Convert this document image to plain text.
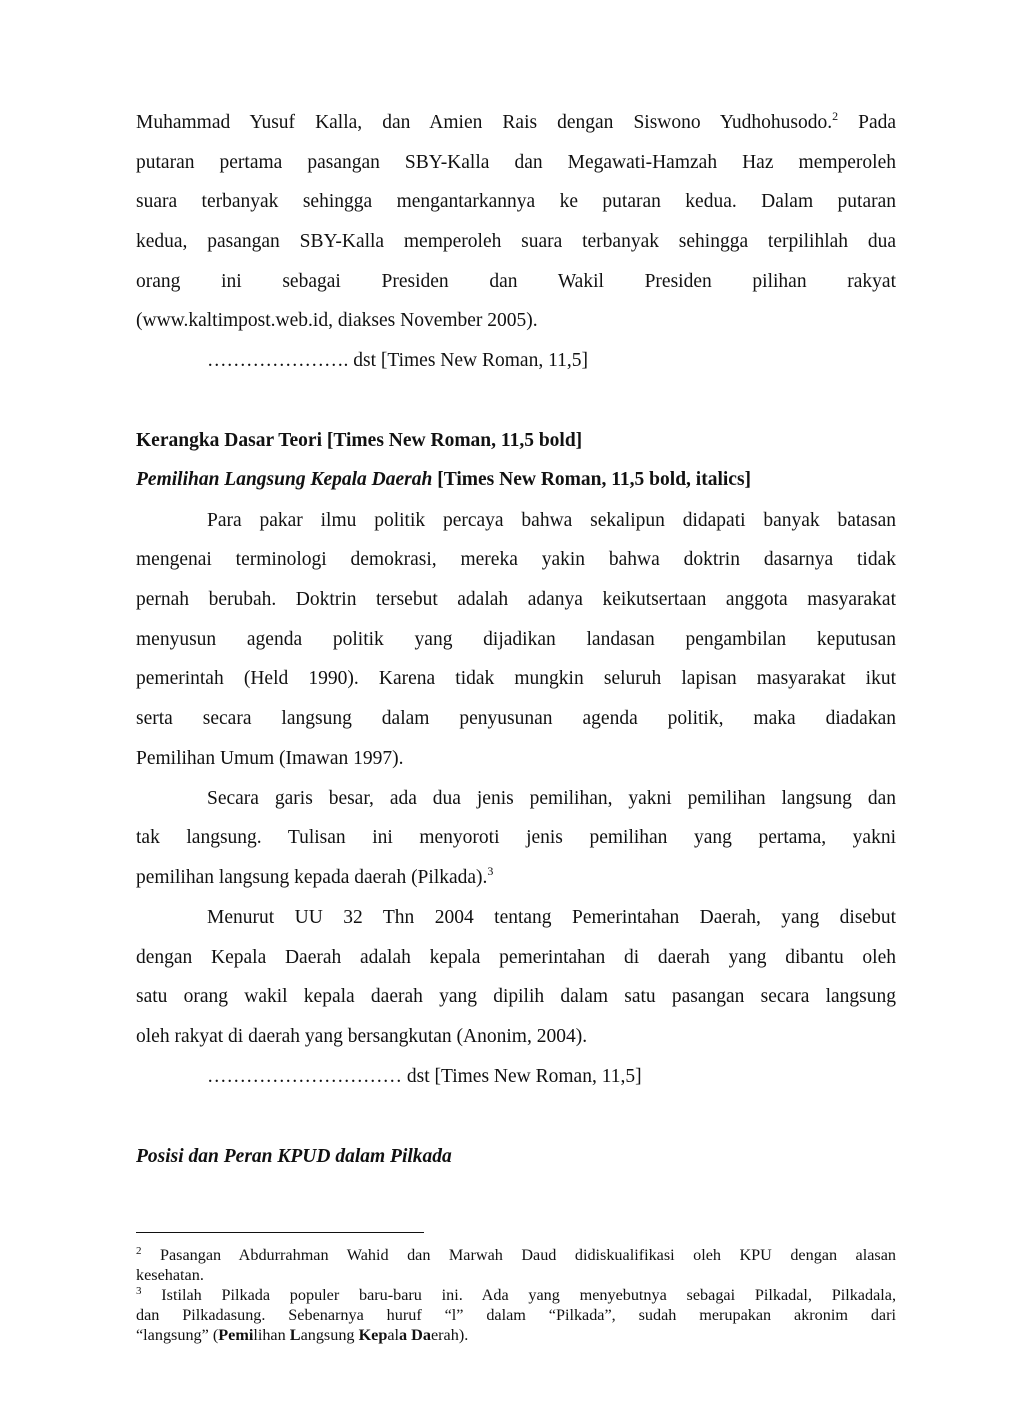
Muhammad Yusuf Kalla, dan Amien Rais dengan Siswono Yudhohusodo.$^2$ Pada
putaran pertama pasangan SBY-Kalla dan Megawati-Hamzah Haz memperoleh
suara terbanyak sehingga mengantarkannya ke putaran kedua. Dalam putaran
kedua, pasangan SBY-Kalla memperoleh suara terbanyak sehingga terpilihlah dua
orang ini sebagai Presiden dan Wakil Presiden pilihan rakyat
(www.kaltimpost.web.id, diakses November 2005).
…………………. dst [Times New Roman, 11,5]
Kerangka Dasar Teori [Times New Roman, 11,5 bold]
Pemilihan Langsung Kepala Daerah [Times New Roman, 11,5 bold, italics]
Para pakar ilmu politik percaya bahwa sekalipun didapati banyak batasan
mengenai terminologi demokrasi, mereka yakin bahwa doktrin dasarnya tidak
pernah berubah. Doktrin tersebut adalah adanya keikutsertaan anggota masyarakat
menyusun agenda politik yang dijadikan landasan pengambilan keputusan
pemerintah (Held 1990). Karena tidak mungkin seluruh lapisan masyarakat ikut
serta secara langsung dalam penyusunan agenda politik, maka diadakan
Pemilihan Umum (Imawan 1997).
Secara garis besar, ada dua jenis pemilihan, yakni pemilihan langsung dan
tak langsung. Tulisan ini menyoroti jenis pemilihan yang pertama, yakni
pemilihan langsung kepada daerah (Pilkada).$^3$
Menurut UU 32 Thn 2004 tentang Pemerintahan Daerah, yang disebut
dengan Kepala Daerah adalah kepala pemerintahan di daerah yang dibantu oleh
satu orang wakil kepala daerah yang dipilih dalam satu pasangan secara langsung
oleh rakyat di daerah yang bersangkutan (Anonim, 2004).
………………………… dst [Times New Roman, 11,5]
Posisi dan Peran KPUD dalam Pilkada
$^2$ Pasangan Abdurrahman Wahid dan Marwah Daud didiskualifikasi oleh KPU dengan alasan
kesehatan.
$^3$ Istilah Pilkada populer baru-baru ini. Ada yang menyebutnya sebagai Pilkadal, Pilkadala,
dan Pilkadasung. Sebenarnya huruf “l” dalam “Pilkada”, sudah merupakan akronim dari
“langsung” (Pemilihan Langsung Kepala Daerah).
